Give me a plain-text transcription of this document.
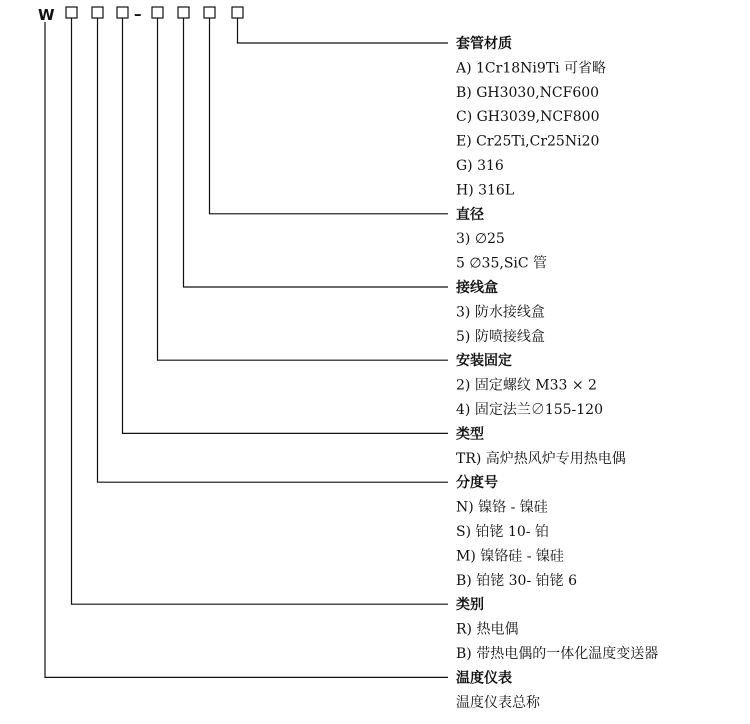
W	–
套管材质
A) 1Cr18Ni9Ti 可省略
B) GH3030,NCF600
C) GH3039,NCF800
E) Cr25Ti,Cr25Ni20
G) 316
H) 316L
直径
3) ∅25
5 ∅35,SiC 管
接线盒
3) 防水接线盒
5) 防喷接线盒
安装固定
2) 固定螺纹 M33 × 2
4) 固定法兰∅155-120
类型
TR) 高炉热风炉专用热电偶
分度号
N) 镍铬 - 镍硅
S) 铂铑 10- 铂
M) 镍铬硅 - 镍硅
B) 铂铑 30- 铂铑 6
类别
R) 热电偶
B) 带热电偶的一体化温度变送器
温度仪表
温度仪表总称
